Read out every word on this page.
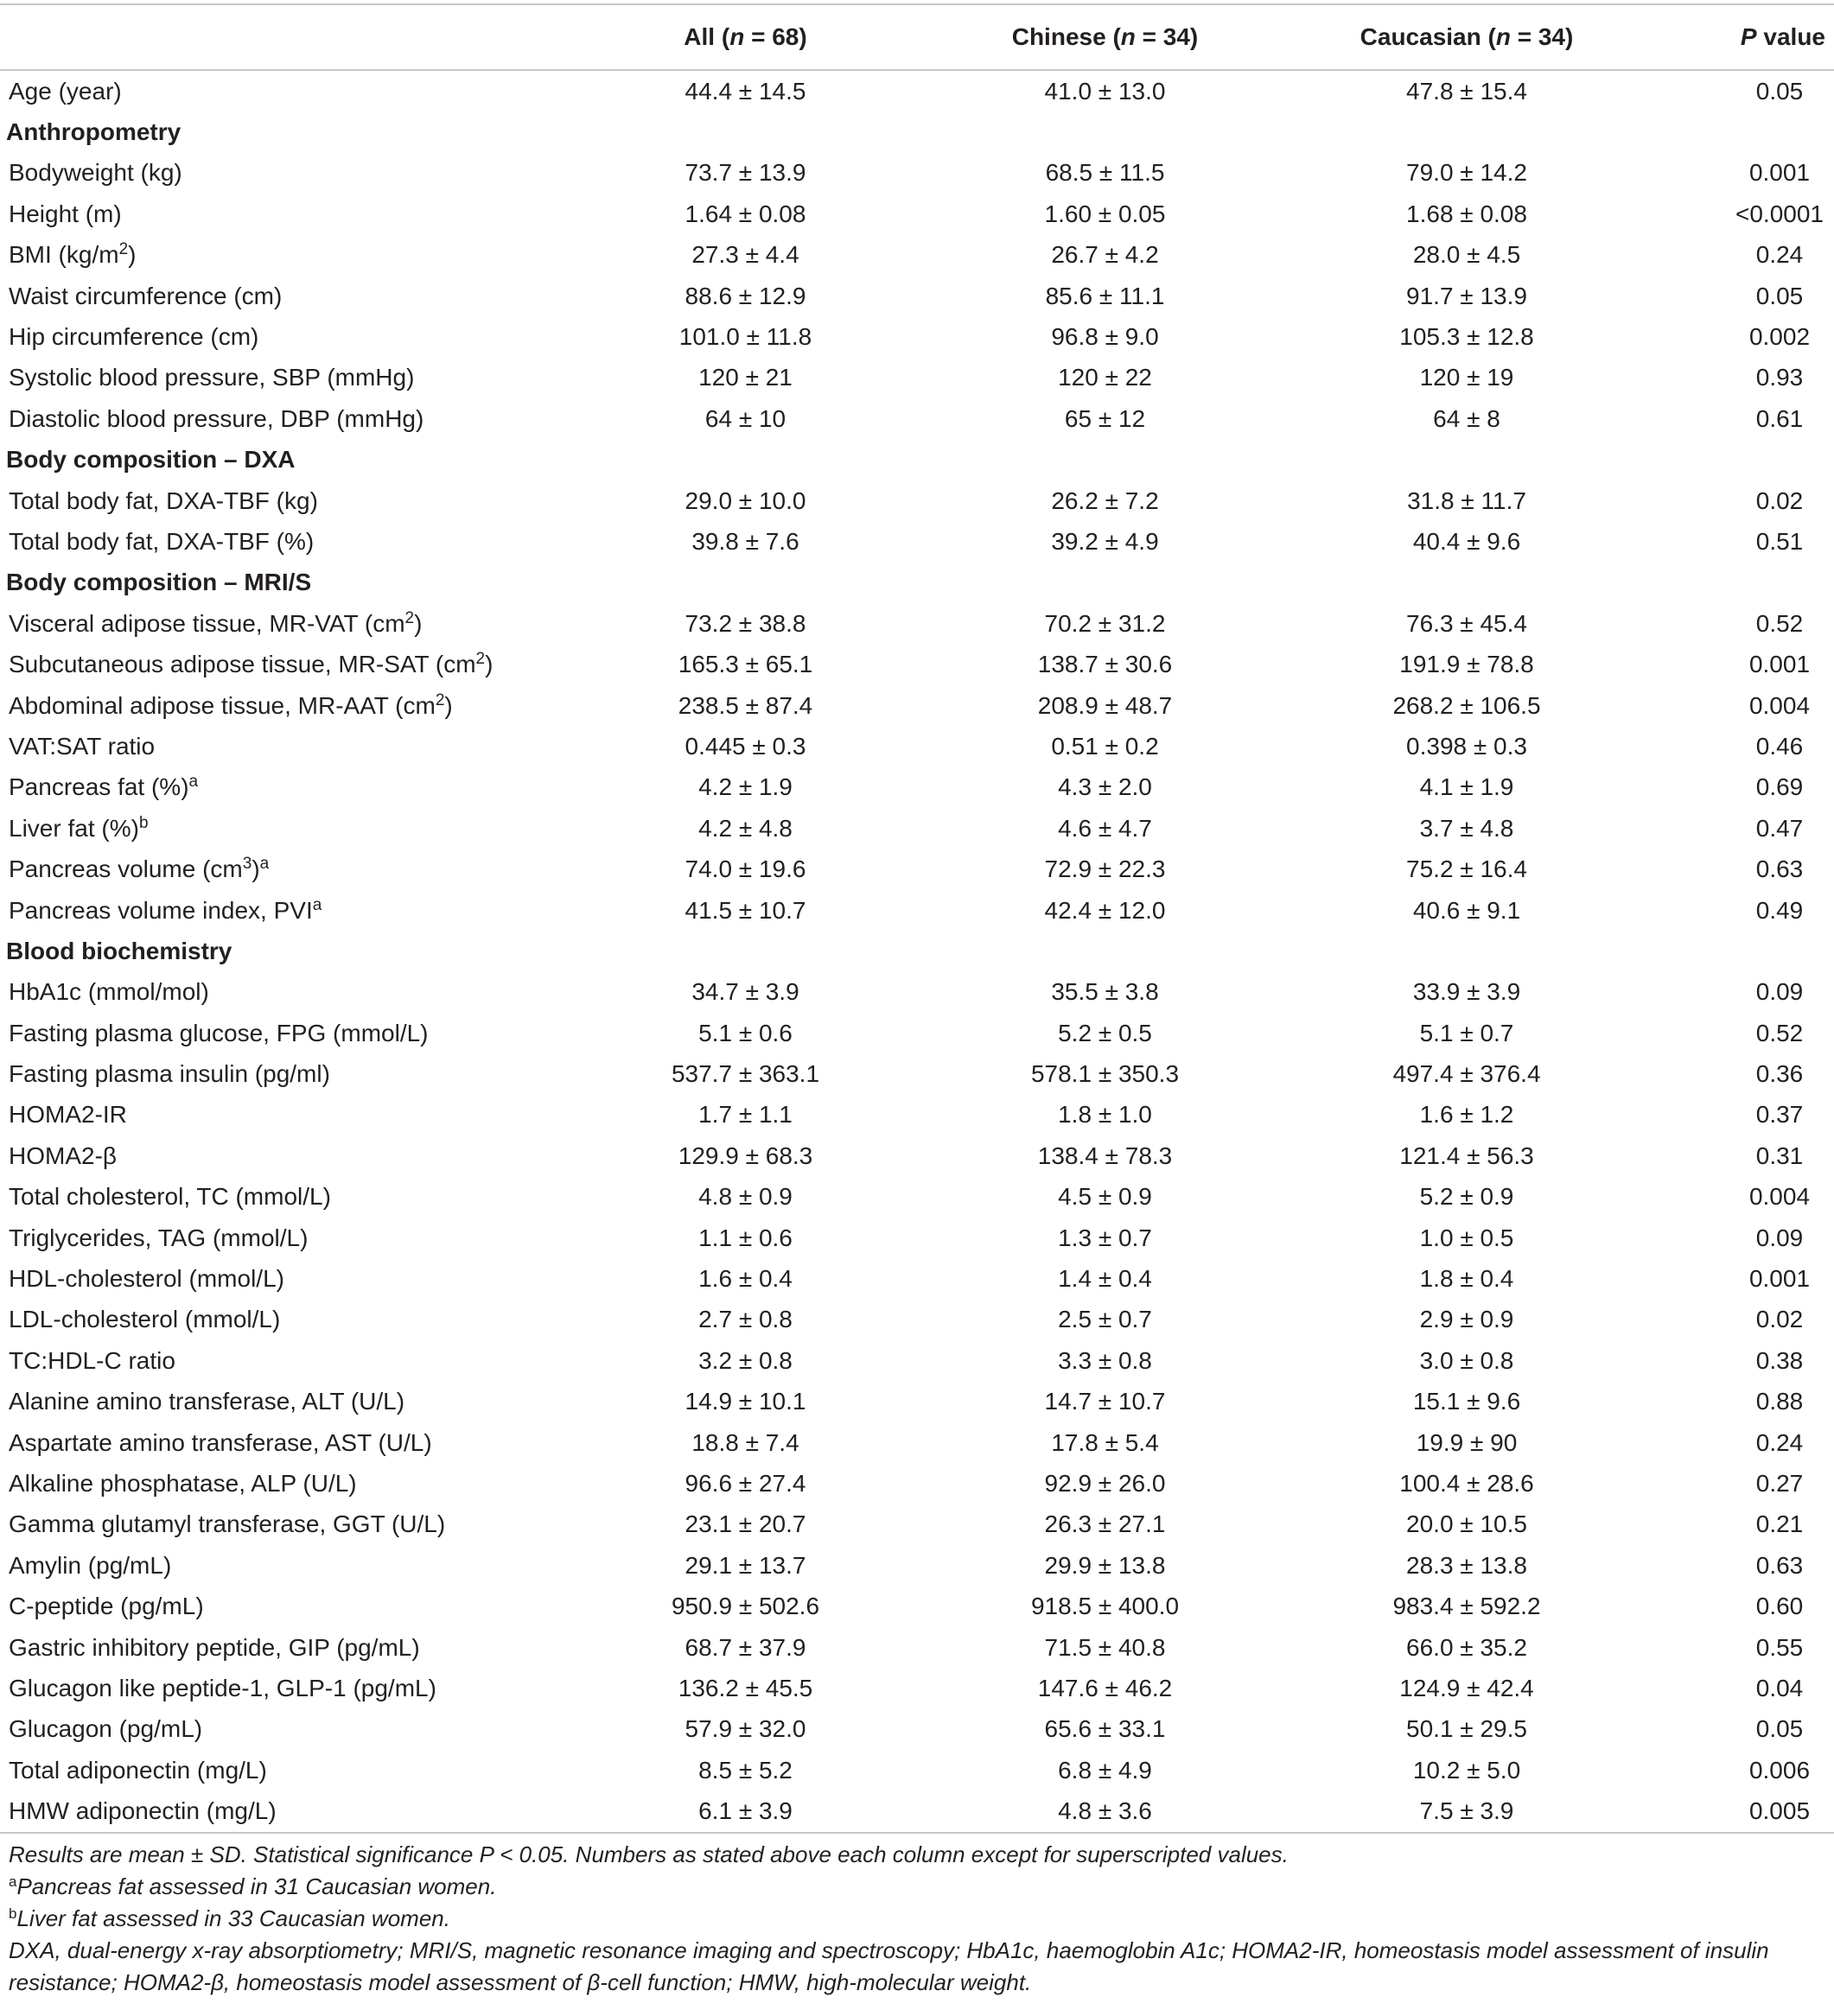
	All (n = 68)	Chinese (n = 34)	Caucasian (n = 34)	P value
Age (year)	44.4 ± 14.5	41.0 ± 13.0	47.8 ± 15.4	0.05
Anthropometry				
Bodyweight (kg)	73.7 ± 13.9	68.5 ± 11.5	79.0 ± 14.2	0.001
Height (m)	1.64 ± 0.08	1.60 ± 0.05	1.68 ± 0.08	<0.0001
BMI $(kg/m^2)$	27.3 ± 4.4	26.7 ± 4.2	28.0 ± 4.5	0.24
Waist circumference (cm)	88.6 ± 12.9	85.6 ± 11.1	91.7 ± 13.9	0.05
Hip circumference (cm)	101.0 ± 11.8	96.8 ± 9.0	105.3 ± 12.8	0.002
Systolic blood pressure, SBP (mmHg)	120 ± 21	120 ± 22	120 ± 19	0.93
Diastolic blood pressure, DBP (mmHg)	64 ± 10	65 ± 12	64 ± 8	0.61
Body composition – DXA				
Total body fat, DXA-TBF (kg)	29.0 ± 10.0	26.2 ± 7.2	31.8 ± 11.7	0.02
Total body fat, DXA-TBF (%)	39.8 ± 7.6	39.2 ± 4.9	40.4 ± 9.6	0.51
Body composition – MRI/S				
Visceral adipose tissue, MR-VAT $(cm^2)$	73.2 ± 38.8	70.2 ± 31.2	76.3 ± 45.4	0.52
Subcutaneous adipose tissue, MR-SAT $(cm^2)$	165.3 ± 65.1	138.7 ± 30.6	191.9 ± 78.8	0.001
Abdominal adipose tissue, MR-AAT $(cm^2)$	238.5 ± 87.4	208.9 ± 48.7	268.2 ± 106.5	0.004
VAT:SAT ratio	0.445 ± 0.3	0.51 ± 0.2	0.398 ± 0.3	0.46
Pancreas fat (%)$^a$	4.2 ± 1.9	4.3 ± 2.0	4.1 ± 1.9	0.69
Liver fat (%)$^b$	4.2 ± 4.8	4.6 ± 4.7	3.7 ± 4.8	0.47
Pancreas volume $(cm^3)^a$	74.0 ± 19.6	72.9 ± 22.3	75.2 ± 16.4	0.63
Pancreas volume index, PVI$^a$	41.5 ± 10.7	42.4 ± 12.0	40.6 ± 9.1	0.49
Blood biochemistry				
HbA1c (mmol/mol)	34.7 ± 3.9	35.5 ± 3.8	33.9 ± 3.9	0.09
Fasting plasma glucose, FPG (mmol/L)	5.1 ± 0.6	5.2 ± 0.5	5.1 ± 0.7	0.52
Fasting plasma insulin (pg/ml)	537.7 ± 363.1	578.1 ± 350.3	497.4 ± 376.4	0.36
HOMA2-IR	1.7 ± 1.1	1.8 ± 1.0	1.6 ± 1.2	0.37
HOMA2-β	129.9 ± 68.3	138.4 ± 78.3	121.4 ± 56.3	0.31
Total cholesterol, TC (mmol/L)	4.8 ± 0.9	4.5 ± 0.9	5.2 ± 0.9	0.004
Triglycerides, TAG (mmol/L)	1.1 ± 0.6	1.3 ± 0.7	1.0 ± 0.5	0.09
HDL-cholesterol (mmol/L)	1.6 ± 0.4	1.4 ± 0.4	1.8 ± 0.4	0.001
LDL-cholesterol (mmol/L)	2.7 ± 0.8	2.5 ± 0.7	2.9 ± 0.9	0.02
TC:HDL-C ratio	3.2 ± 0.8	3.3 ± 0.8	3.0 ± 0.8	0.38
Alanine amino transferase, ALT (U/L)	14.9 ± 10.1	14.7 ± 10.7	15.1 ± 9.6	0.88
Aspartate amino transferase, AST (U/L)	18.8 ± 7.4	17.8 ± 5.4	19.9 ± 90	0.24
Alkaline phosphatase, ALP (U/L)	96.6 ± 27.4	92.9 ± 26.0	100.4 ± 28.6	0.27
Gamma glutamyl transferase, GGT (U/L)	23.1 ± 20.7	26.3 ± 27.1	20.0 ± 10.5	0.21
Amylin (pg/mL)	29.1 ± 13.7	29.9 ± 13.8	28.3 ± 13.8	0.63
C-peptide (pg/mL)	950.9 ± 502.6	918.5 ± 400.0	983.4 ± 592.2	0.60
Gastric inhibitory peptide, GIP (pg/mL)	68.7 ± 37.9	71.5 ± 40.8	66.0 ± 35.2	0.55
Glucagon like peptide-1, GLP-1 (pg/mL)	136.2 ± 45.5	147.6 ± 46.2	124.9 ± 42.4	0.04
Glucagon (pg/mL)	57.9 ± 32.0	65.6 ± 33.1	50.1 ± 29.5	0.05
Total adiponectin (mg/L)	8.5 ± 5.2	6.8 ± 4.9	10.2 ± 5.0	0.006
HMW adiponectin (mg/L)	6.1 ± 3.9	4.8 ± 3.6	7.5 ± 3.9	0.005
Results are mean ± SD. Statistical significance P < 0.05. Numbers as stated above each column except for superscripted values.
$^a$Pancreas fat assessed in 31 Caucasian women.
$^b$Liver fat assessed in 33 Caucasian women.
DXA, dual-energy x-ray absorptiometry; MRI/S, magnetic resonance imaging and spectroscopy; HbA1c, haemoglobin A1c; HOMA2-IR, homeostasis model assessment of insulin resistance; HOMA2-β, homeostasis model assessment of β-cell function; HMW, high-molecular weight.
